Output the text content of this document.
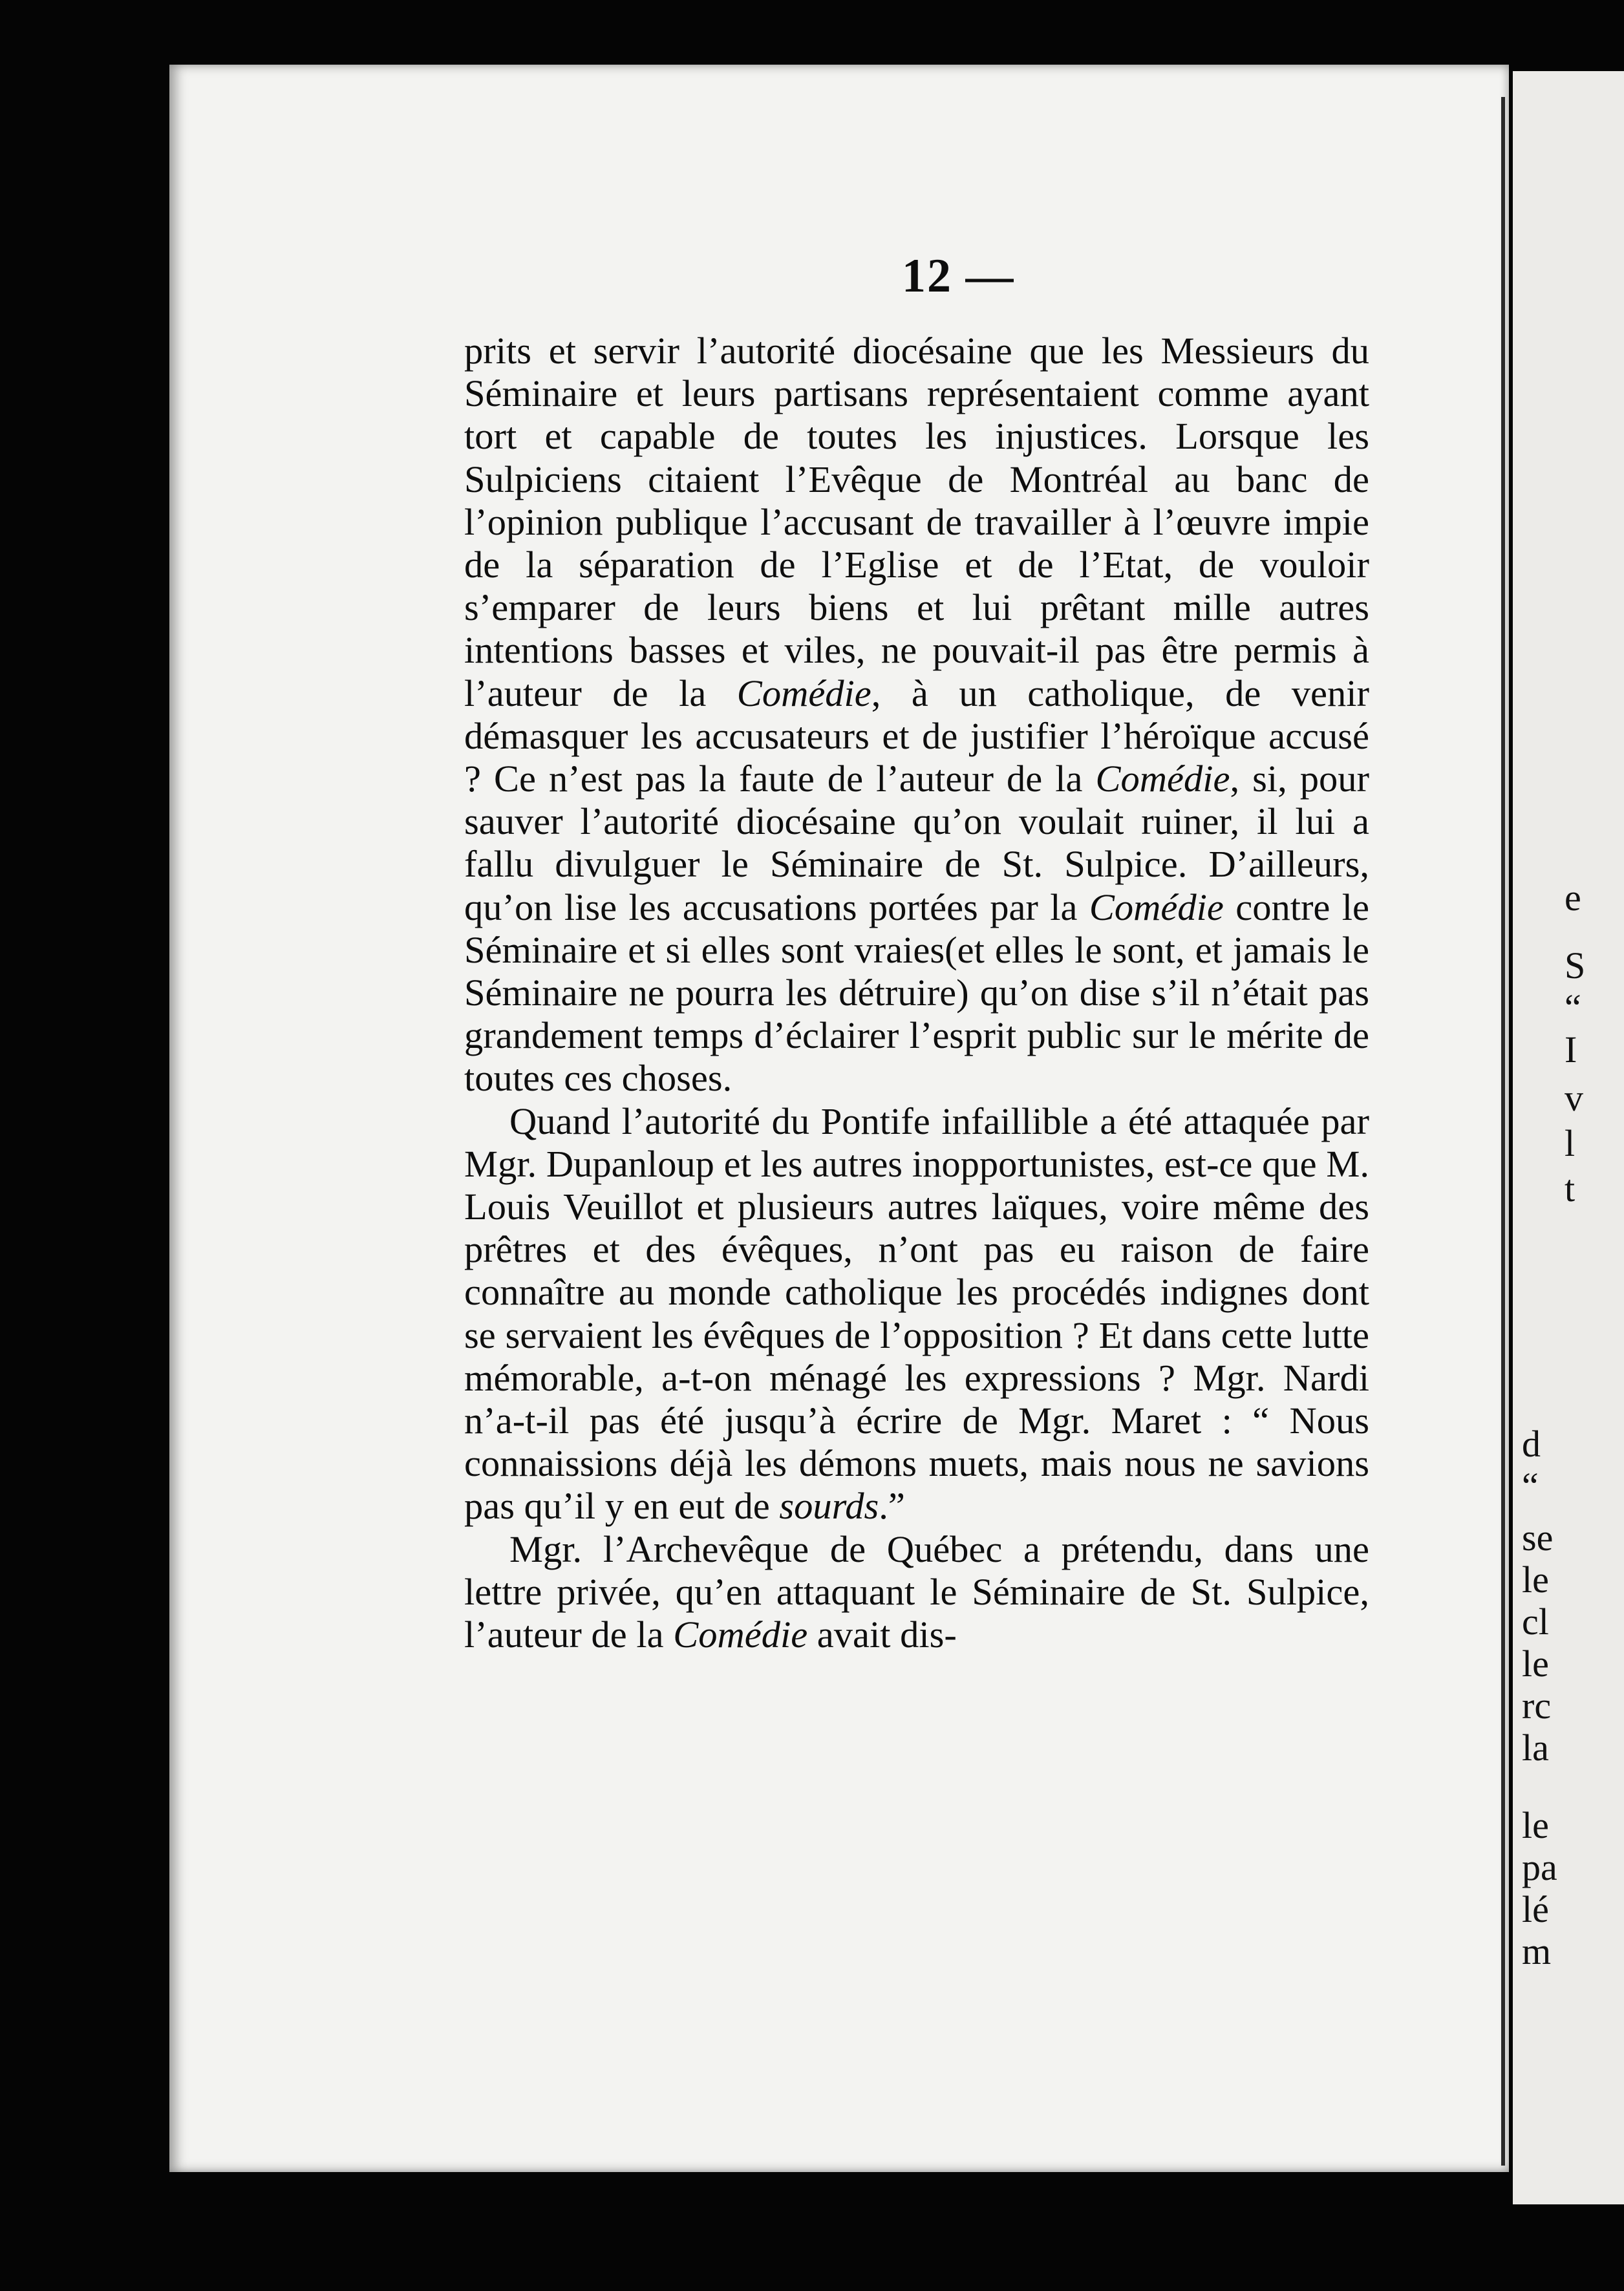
d
“
se
le
cl
le
rc
la
le
pa
lé
m
e
S
“
I
v
l
t
12 —

prits et servir l’autorité diocésaine que les Messieurs du Séminaire et leurs partisans représentaient comme ayant tort et capable de toutes les injustices. Lorsque les Sulpiciens citaient l’Evêque de Montréal au banc de l’opinion publique l’accusant de travailler à l’œuvre impie de la séparation de l’Eglise et de l’Etat, de vouloir s’emparer de leurs biens et lui prêtant mille autres intentions basses et viles, ne pouvait-il pas être permis à l’auteur de la Comédie, à un catholique, de venir démasquer les accusateurs et de justifier l’héroïque accusé ? Ce n’est pas la faute de l’auteur de la Comédie, si, pour sauver l’autorité diocésaine qu’on voulait ruiner, il lui a fallu divulguer le Séminaire de St. Sulpice. D’ailleurs, qu’on lise les accusations portées par la Comédie contre le Séminaire et si elles sont vraies(et elles le sont, et jamais le Séminaire ne pourra les détruire) qu’on dise s’il n’était pas grandement temps d’éclairer l’esprit public sur le mérite de toutes ces choses.

Quand l’autorité du Pontife infaillible a été attaquée par Mgr. Dupanloup et les autres inopportunistes, est-ce que M. Louis Veuillot et plusieurs autres laïques, voire même des prêtres et des évêques, n’ont pas eu raison de faire connaître au monde catholique les procédés indignes dont se servaient les évêques de l’opposition ? Et dans cette lutte mémorable, a-t-on ménagé les expressions ? Mgr. Nardi n’a-t-il pas été jusqu’à écrire de Mgr. Maret : “ Nous connaissions déjà les démons muets, mais nous ne savions pas qu’il y en eut de sourds.”

Mgr. l’Archevêque de Québec a prétendu, dans une lettre privée, qu’en attaquant le Séminaire de St. Sulpice, l’auteur de la Comédie avait dis-
